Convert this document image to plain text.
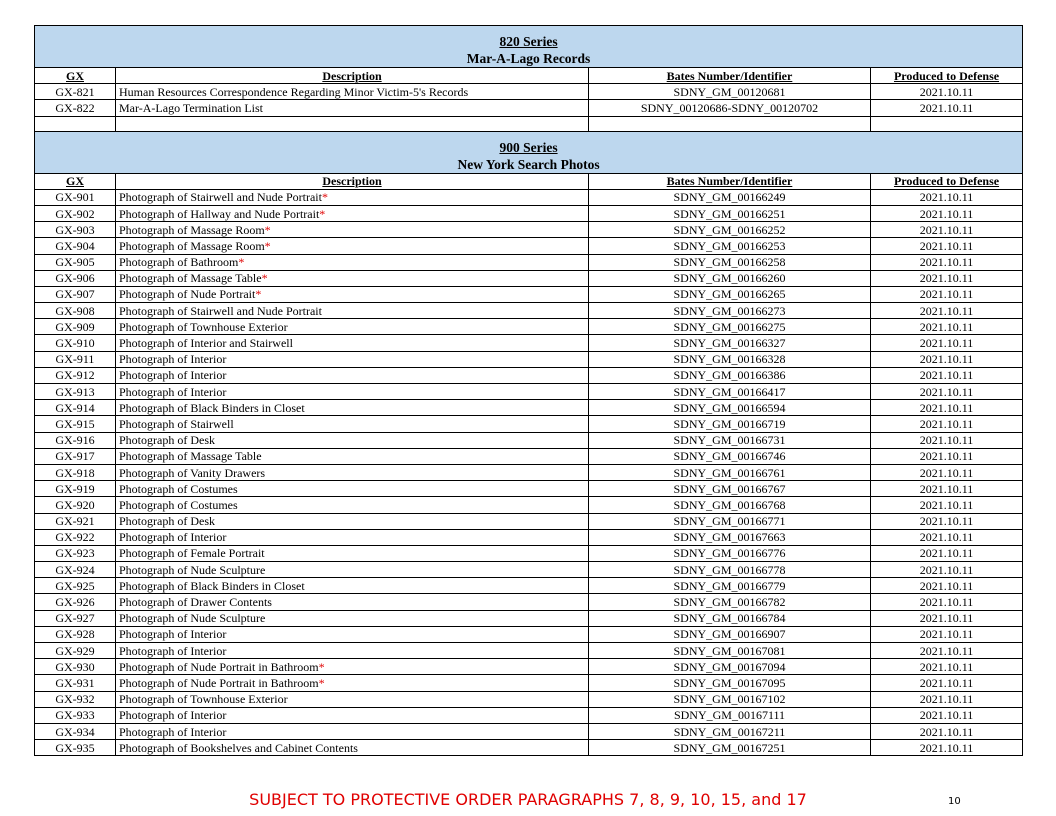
820 Series
Mar-A-Lago Records			
GX	Description	Bates Number/Identifier	Produced to Defense
GX-821	Human Resources Correspondence Regarding Minor Victim-5's Records	SDNY_GM_00120681	2021.10.11
GX-822	Mar-A-Lago Termination List	SDNY_00120686-SDNY_00120702	2021.10.11

900 Series
New York Search Photos			
GX	Description	Bates Number/Identifier	Produced to Defense
GX-901	Photograph of Stairwell and Nude Portrait*	SDNY_GM_00166249	2021.10.11
GX-902	Photograph of Hallway and Nude Portrait*	SDNY_GM_00166251	2021.10.11
GX-903	Photograph of Massage Room*	SDNY_GM_00166252	2021.10.11
GX-904	Photograph of Massage Room*	SDNY_GM_00166253	2021.10.11
GX-905	Photograph of Bathroom*	SDNY_GM_00166258	2021.10.11
GX-906	Photograph of Massage Table*	SDNY_GM_00166260	2021.10.11
GX-907	Photograph of Nude Portrait*	SDNY_GM_00166265	2021.10.11
GX-908	Photograph of Stairwell and Nude Portrait	SDNY_GM_00166273	2021.10.11
GX-909	Photograph of Townhouse Exterior	SDNY_GM_00166275	2021.10.11
GX-910	Photograph of Interior and Stairwell	SDNY_GM_00166327	2021.10.11
GX-911	Photograph of Interior	SDNY_GM_00166328	2021.10.11
GX-912	Photograph of Interior	SDNY_GM_00166386	2021.10.11
GX-913	Photograph of Interior	SDNY_GM_00166417	2021.10.11
GX-914	Photograph of Black Binders in Closet	SDNY_GM_00166594	2021.10.11
GX-915	Photograph of Stairwell	SDNY_GM_00166719	2021.10.11
GX-916	Photograph of Desk	SDNY_GM_00166731	2021.10.11
GX-917	Photograph of Massage Table	SDNY_GM_00166746	2021.10.11
GX-918	Photograph of Vanity Drawers	SDNY_GM_00166761	2021.10.11
GX-919	Photograph of Costumes	SDNY_GM_00166767	2021.10.11
GX-920	Photograph of Costumes	SDNY_GM_00166768	2021.10.11
GX-921	Photograph of Desk	SDNY_GM_00166771	2021.10.11
GX-922	Photograph of Interior	SDNY_GM_00167663	2021.10.11
GX-923	Photograph of Female Portrait	SDNY_GM_00166776	2021.10.11
GX-924	Photograph of Nude Sculpture	SDNY_GM_00166778	2021.10.11
GX-925	Photograph of Black Binders in Closet	SDNY_GM_00166779	2021.10.11
GX-926	Photograph of Drawer Contents	SDNY_GM_00166782	2021.10.11
GX-927	Photograph of Nude Sculpture	SDNY_GM_00166784	2021.10.11
GX-928	Photograph of Interior	SDNY_GM_00166907	2021.10.11
GX-929	Photograph of Interior	SDNY_GM_00167081	2021.10.11
GX-930	Photograph of Nude Portrait in Bathroom*	SDNY_GM_00167094	2021.10.11
GX-931	Photograph of Nude Portrait in Bathroom*	SDNY_GM_00167095	2021.10.11
GX-932	Photograph of Townhouse Exterior	SDNY_GM_00167102	2021.10.11
GX-933	Photograph of Interior	SDNY_GM_00167111	2021.10.11
GX-934	Photograph of Interior	SDNY_GM_00167211	2021.10.11
GX-935	Photograph of Bookshelves and Cabinet Contents	SDNY_GM_00167251	2021.10.11
SUBJECT TO PROTECTIVE ORDER PARAGRAPHS 7, 8, 9, 10, 15, and 17	10
